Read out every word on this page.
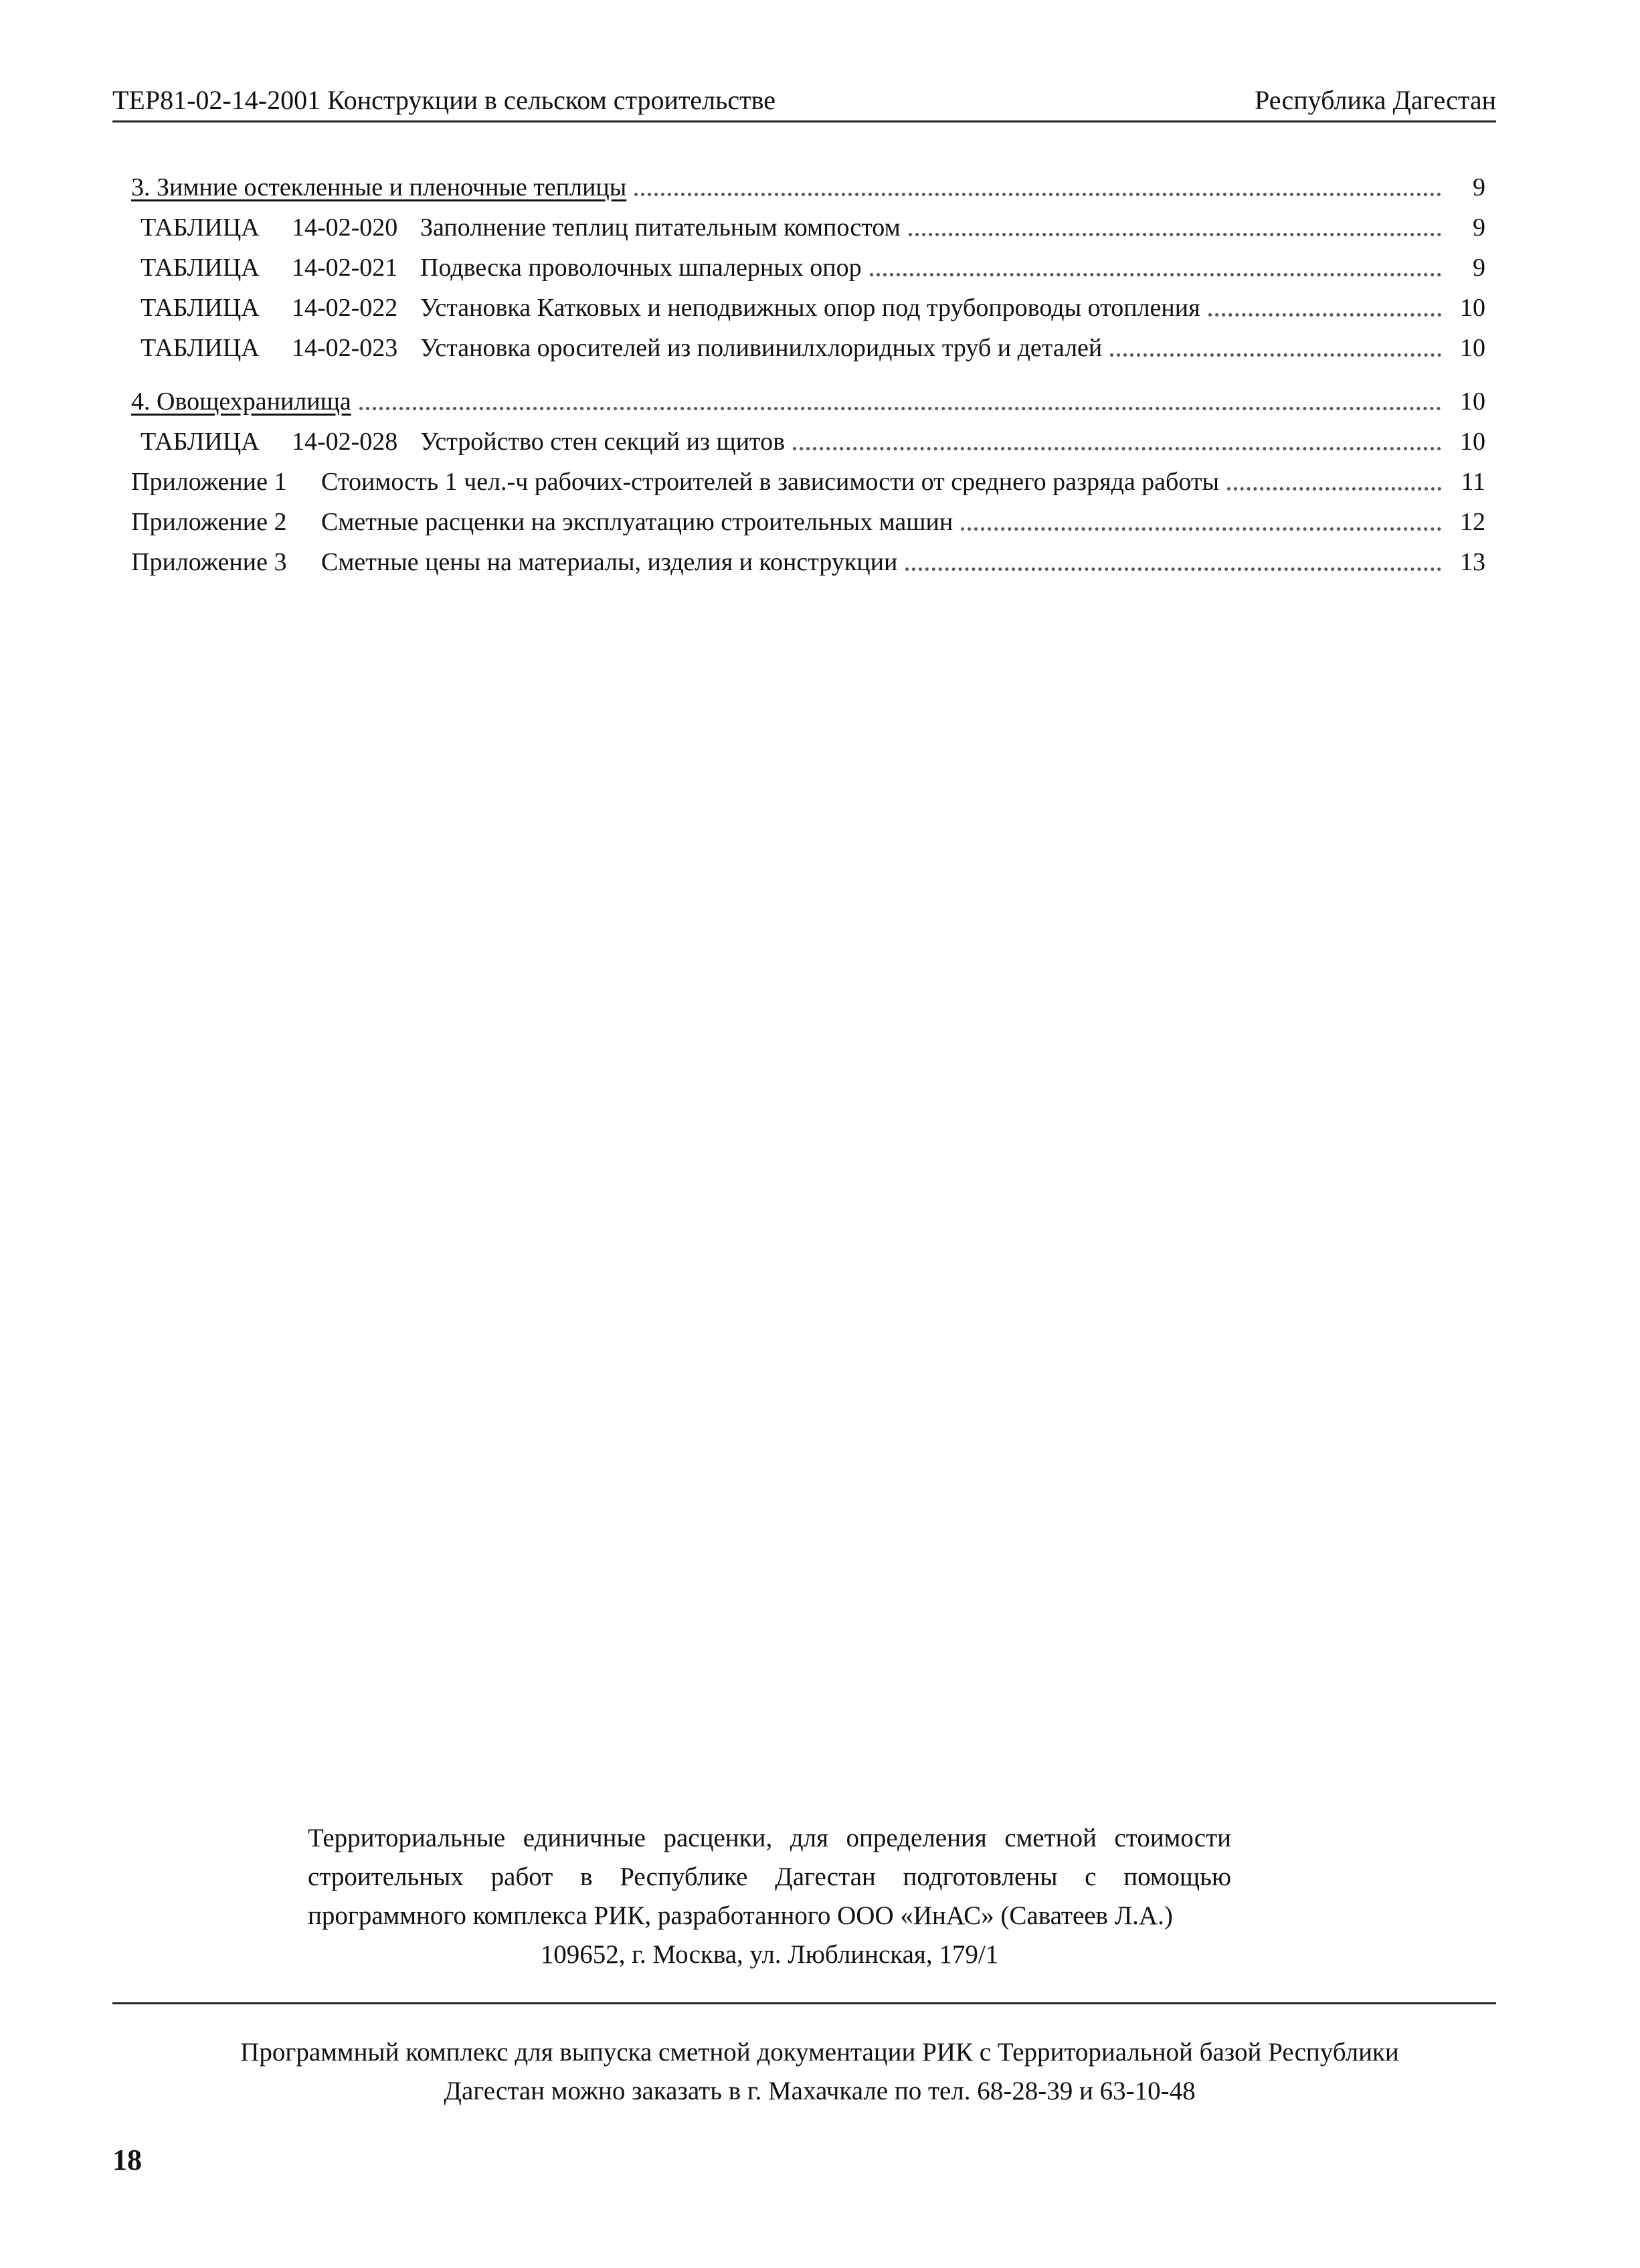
ТЕР81-02-14-2001 Конструкции в сельском строительстве	Республика Дагестан
3. Зимние остекленные и пленочные теплицы	9
ТАБЛИЦА	14-02-020 Заполнение теплиц питательным компостом	9
ТАБЛИЦА	14-02-021 Подвеска проволочных шпалерных опор	9
ТАБЛИЦА	14-02-022 Установка Катковых и неподвижных опор под трубопроводы отопления	10
ТАБЛИЦА	14-02-023 Установка оросителей из поливинилхлоридных труб и деталей	10
4. Овощехранилища	10
ТАБЛИЦА	14-02-028 Устройство стен секций из щитов	10
Приложение 1	Стоимость 1 чел.-ч рабочих-строителей в зависимости от среднего разряда работы	11
Приложение 2	Сметные расценки на эксплуатацию строительных машин	12
Приложение 3	Сметные цены на материалы, изделия и конструкции	13
Территориальные единичные расценки, для определения сметной стоимости строительных работ в Республике Дагестан подготовлены с помощью программного комплекса РИК, разработанного ООО «ИнАС» (Саватеев Л.А.)
109652, г. Москва, ул. Люблинская, 179/1
Программный комплекс для выпуска сметной документации РИК с Территориальной базой Республики Дагестан можно заказать в г. Махачкале по тел. 68-28-39 и 63-10-48
18
